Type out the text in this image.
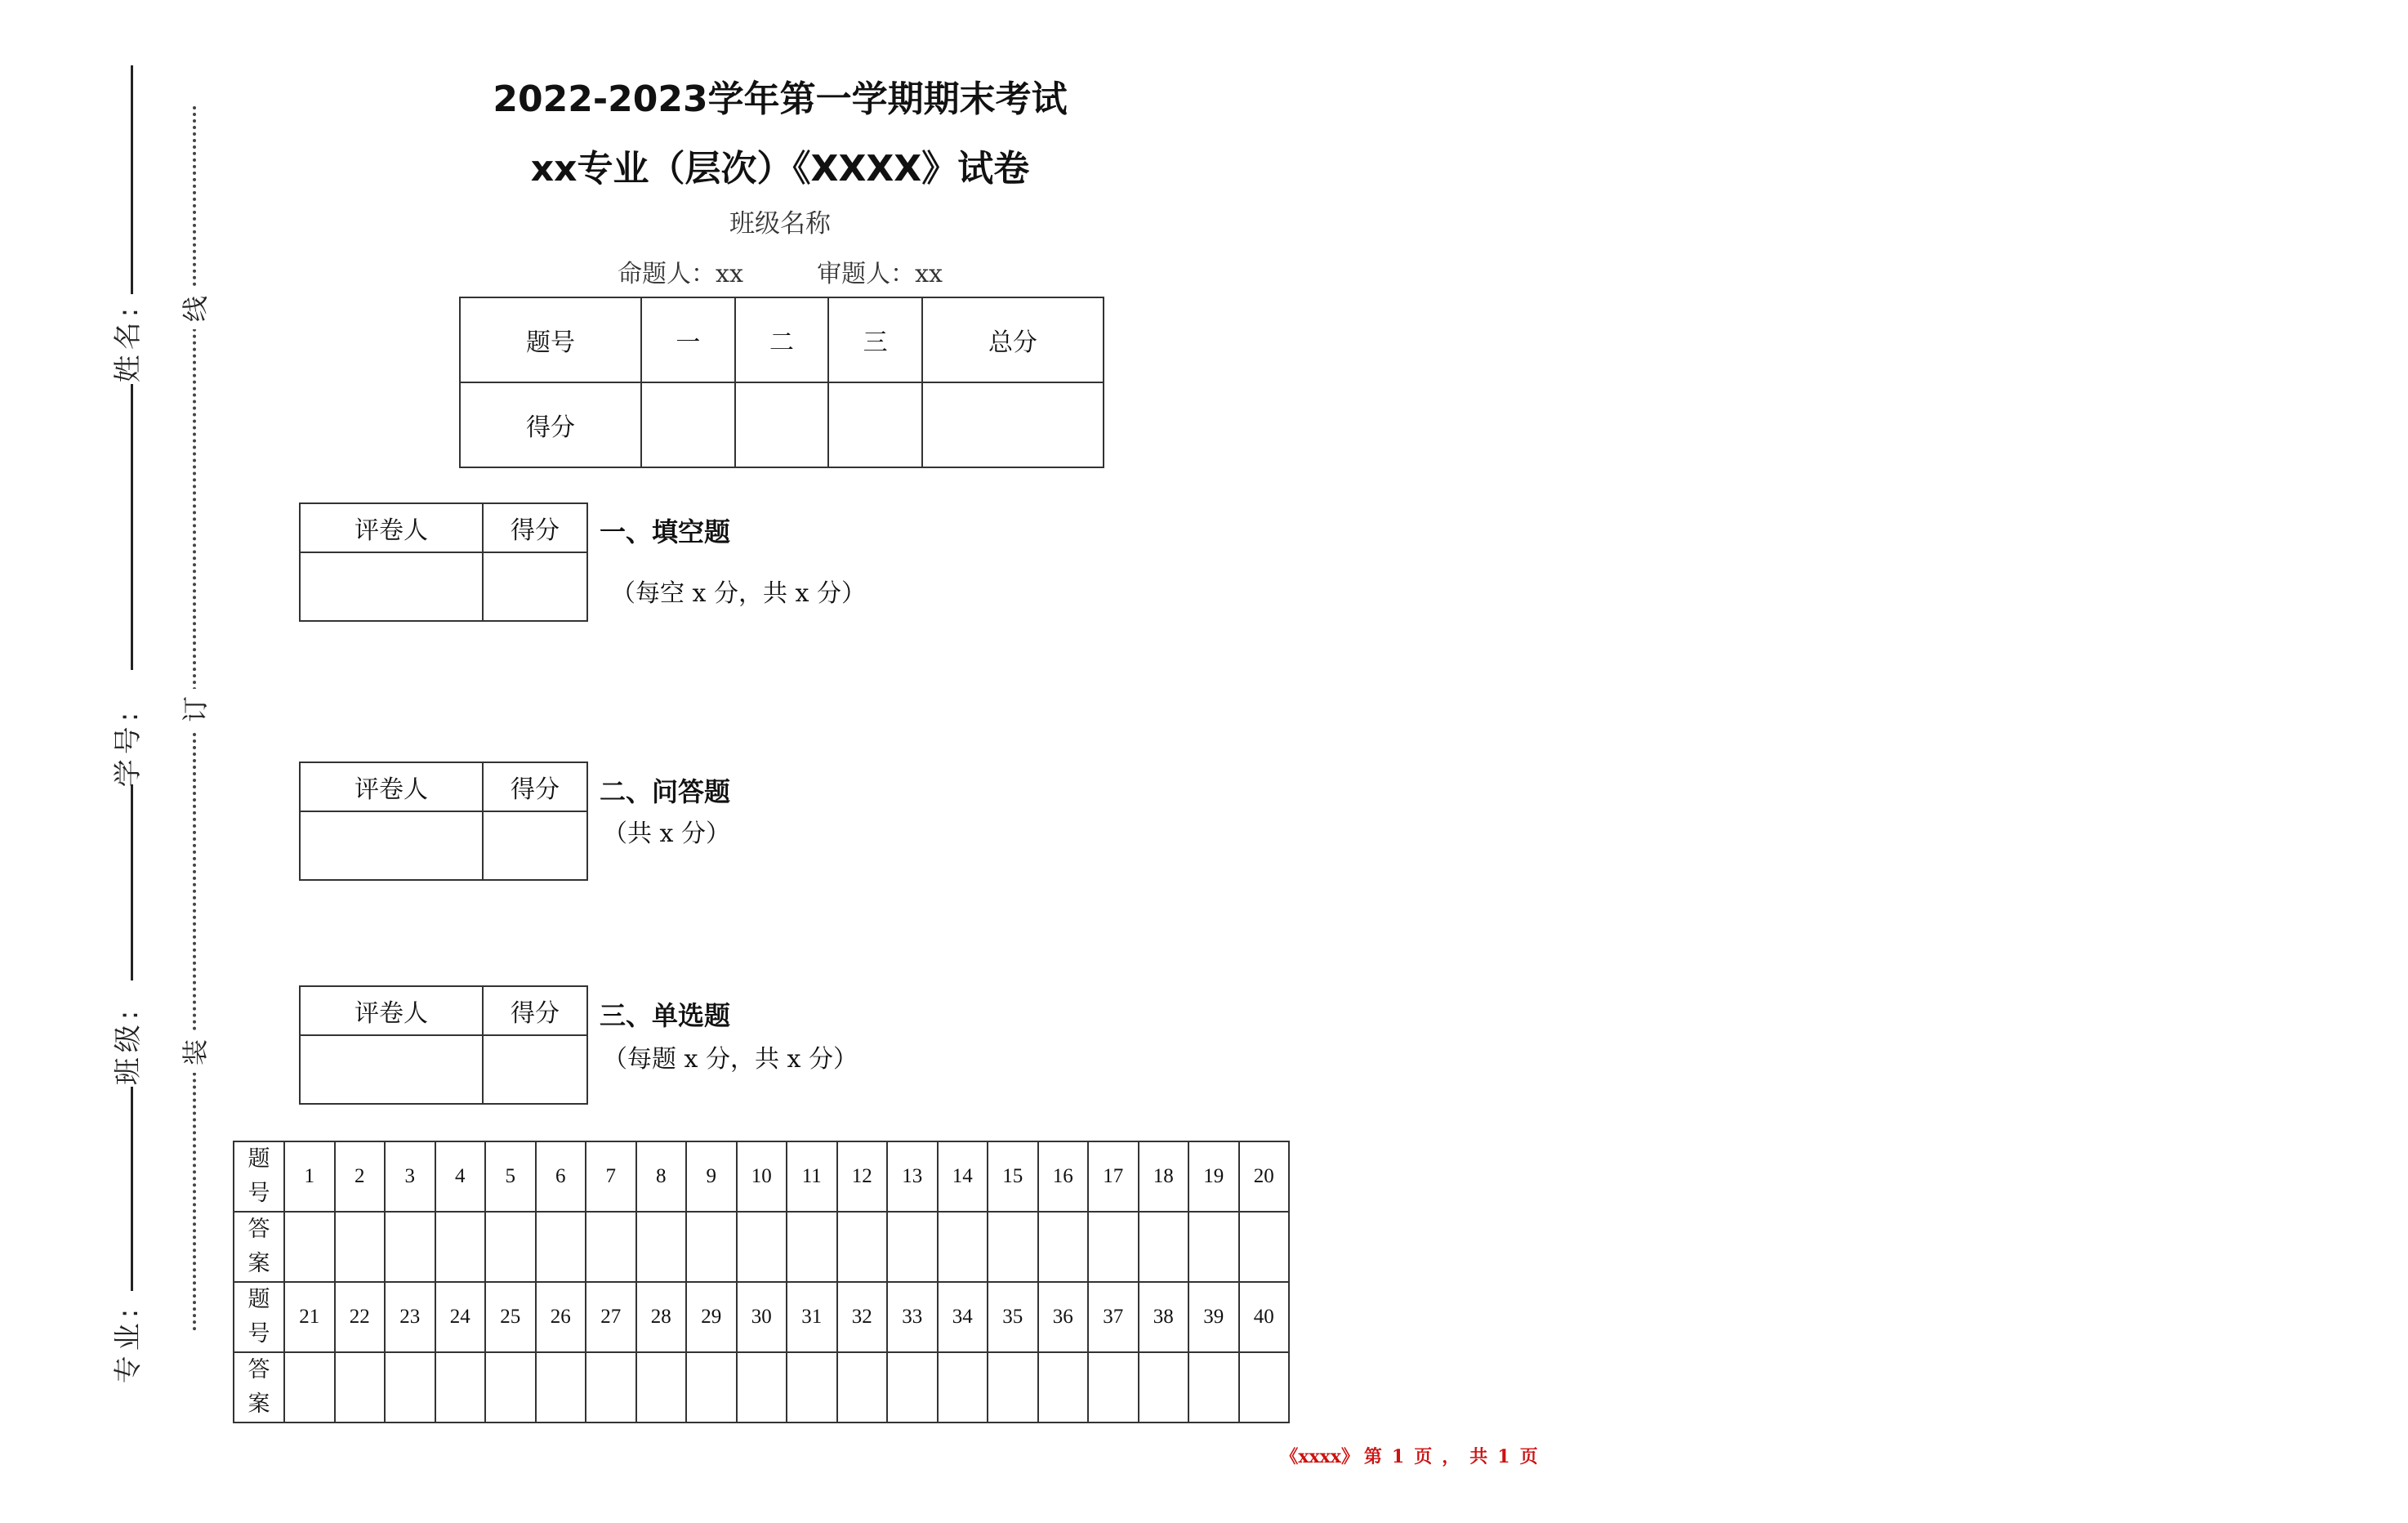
姓名:
学号:
班级:
专业:
线
订
装
2022-2023学年第一学期期末考试
xx专业（层次）《XXXX》试卷
班级名称
命题人：xx	审题人：xx
题号	一	二	三	总分
得分				
评卷人	得分
	一、填空题
（每空 x 分，共 x 分）
评卷人	得分
	二、问答题
（共 x 分）
评卷人	得分
	三、单选题
（每题 x 分，共 x 分）
题
号	1	2	3	4	5	6	7	8	9	10	11	12	13	14	15	16	17	18	19	20
答
案																				
题
号	21	22	23	24	25	26	27	28	29	30	31	32	33	34	35	36	37	38	39	40
答
案																				
《xxxx》 第 1 页 ， 共 1 页
